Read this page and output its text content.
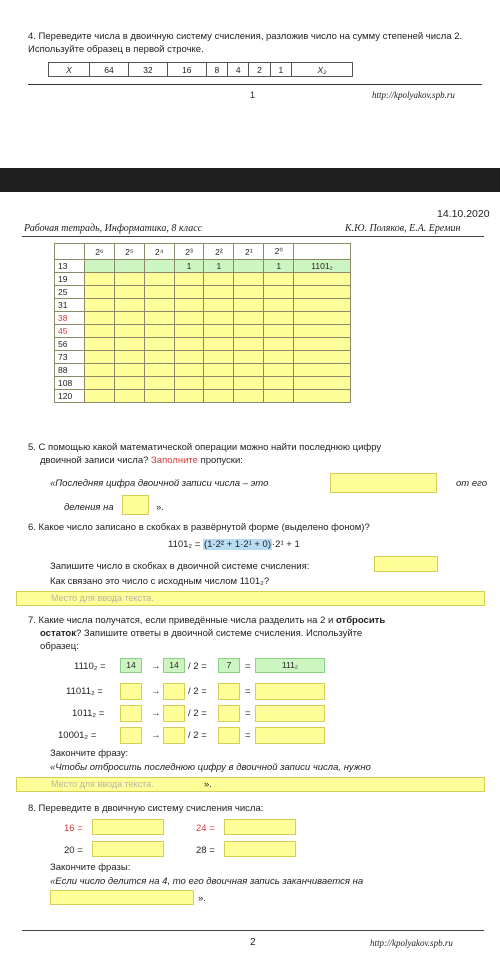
4. Переведите числа в двоичную систему счисления, разложив число на сумму степеней числа 2. Используйте образец в первой строчке.
X	64	32	16	8	4	2	1	X₂
1	http://kpolyakov.spb.ru
14.10.2020
Рабочая тетрадь, Информатика, 8 класс	К.Ю. Поляков, Е.А. Еремин
	2⁶	2⁵	2⁴	2³	2²	2¹	2⁰	
13				1	1		1	1101₂
19								
25								
31								
38								
45								
56								
73								
88								
108								
120								
5. С помощью какой математической операции можно найти последнюю цифру
двоичной записи числа? Заполните пропуски:
«Последняя цифра двоичной записи числа – это	от его
деления на	».
6. Какое число записано в скобках в развёрнутой форме (выделено фоном)?
1101₂ = (1·2² + 1·2¹ + 0)·2¹ + 1
Запишите число в скобках в двоичной системе счисления:
Как связано это число с исходным числом 1101₂?
Место для ввода текста.
7. Какие числа получатся, если приведённые числа разделить на 2 и отбросить
остаток? Запишите ответы в двоичной системе счисления. Используйте
образец:
1110₂ =	14	→	14 / 2 =	7	=	111₂
11011₂ =	→	/ 2 =	=
1011₂ =	→	/ 2 =	=
10001₂ =	→	/ 2 =	=
Закончите фразу:
«Чтобы отбросить последнюю цифру в двоичной записи числа, нужно
Место для ввода текста.	».
8. Переведите в двоичную систему счисления числа:
16 =	24 =
20 =	28 =
Закончите фразы:
«Если число делится на 4, то его двоичная запись заканчивается на
».
2	http://kpolyakov.spb.ru
